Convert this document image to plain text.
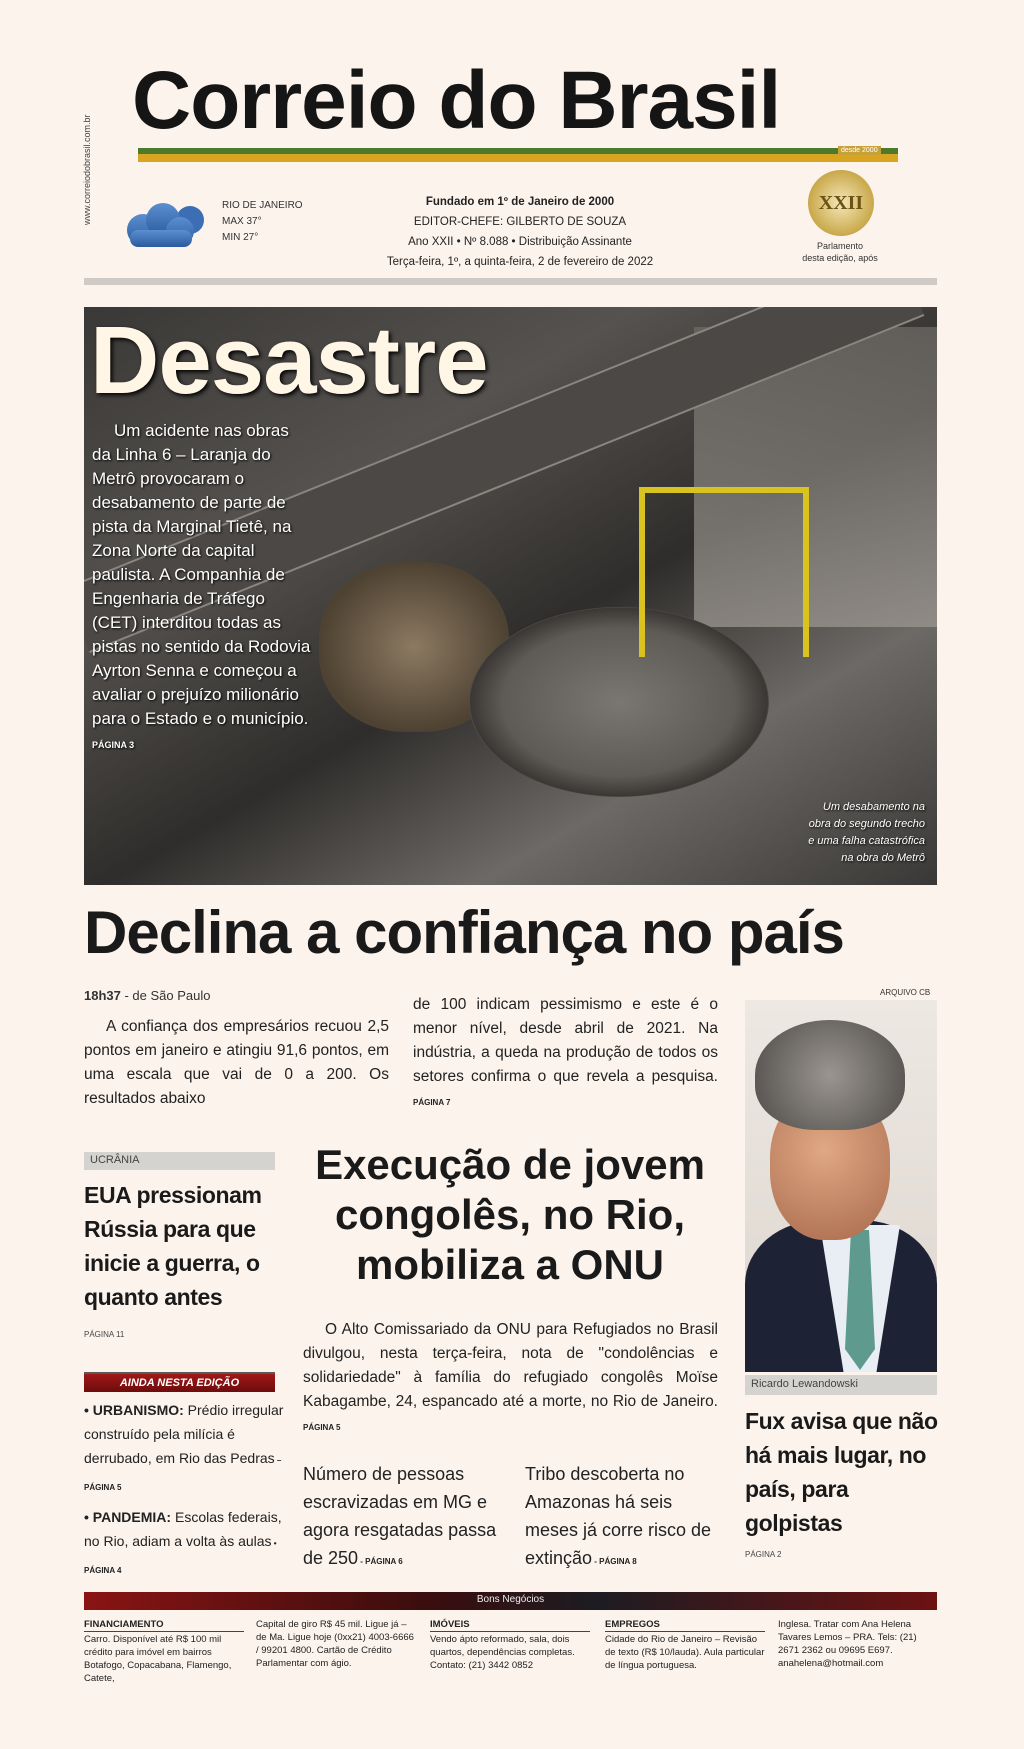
www.correiodobrasil.com.br
Correio do Brasil
desde 2000
RIO DE JANEIRO
MAX 37°
MIN 27°
Fundado em 1º de Janeiro de 2000
EDITOR-CHEFE: GILBERTO DE SOUZA
Ano XXII • Nº 8.088 • Distribuição Assinante
Terça-feira, 1º, a quinta-feira, 2 de fevereiro de 2022
XXII
Parlamento
desta edição, após
Desastre
Um acidente nas obras da Linha 6 – Laranja do Metrô provocaram o desabamento de parte de pista da Marginal Tietê, na Zona Norte da capital paulista. A Companhia de Engenharia de Tráfego (CET) interditou todas as pistas no sentido da Rodovia Ayrton Senna e começou a avaliar o prejuízo milionário para o Estado e o município. PÁGINA 3
Um desabamento na obra do segundo trecho e uma falha catastrófica na obra do Metrô
Declina a confiança no país
18h37 - de São Paulo
A confiança dos empresários recuou 2,5 pontos em janeiro e atingiu 91,6 pontos, em uma escala que vai de 0 a 200. Os resultados abaixo
de 100 indicam pessimismo e este é o menor nível, desde abril de 2021. Na indústria, a queda na produção de todos os setores confirma o que revela a pesquisa. PÁGINA 7
ARQUIVO CB
Ricardo Lewandowski
Fux avisa que não há mais lugar, no país, para golpistas
PÁGINA 2
UCRÂNIA
EUA pressionam Rússia para que inicie a guerra, o quanto antes
PÁGINA 11
AINDA NESTA EDIÇÃO
• URBANISMO: Prédio irregular construído pela milícia é derrubado, em Rio das Pedras – PÁGINA 5
• PANDEMIA: Escolas federais, no Rio, adiam a volta às aulas • PÁGINA 4
Execução de jovem congolês, no Rio, mobiliza a ONU
O Alto Comissariado da ONU para Refugiados no Brasil divulgou, nesta terça-feira, nota de "condolências e solidariedade" à família do refugiado congolês Moïse Kabagambe, 24, espancado até a morte, no Rio de Janeiro. PÁGINA 5
Número de pessoas escravizadas em MG e agora resgatadas passa de 250 - PÁGINA 6
Tribo descoberta no Amazonas há seis meses já corre risco de extinção - PÁGINA 8
Bons Negócios
FINANCIAMENTO
Carro. Disponível até R$ 100 mil crédito para imóvel em bairros Botafogo, Copacabana, Flamengo, Catete,
Capital de giro R$ 45 mil. Ligue já – de Ma. Ligue hoje (0xx21) 4003-6666 / 99201 4800. Cartão de Crédito Parlamentar com ágio.
IMÓVEIS
Vendo ápto reformado, sala, dois quartos, dependências completas. Contato: (21) 3442 0852
EMPREGOS
Cidade do Rio de Janeiro – Revisão de texto (R$ 10/lauda). Aula particular de língua portuguesa.
Inglesa. Tratar com Ana Helena Tavares Lemos – PRA. Tels: (21) 2671 2362 ou 09695 E697. anahelena@hotmail.com
